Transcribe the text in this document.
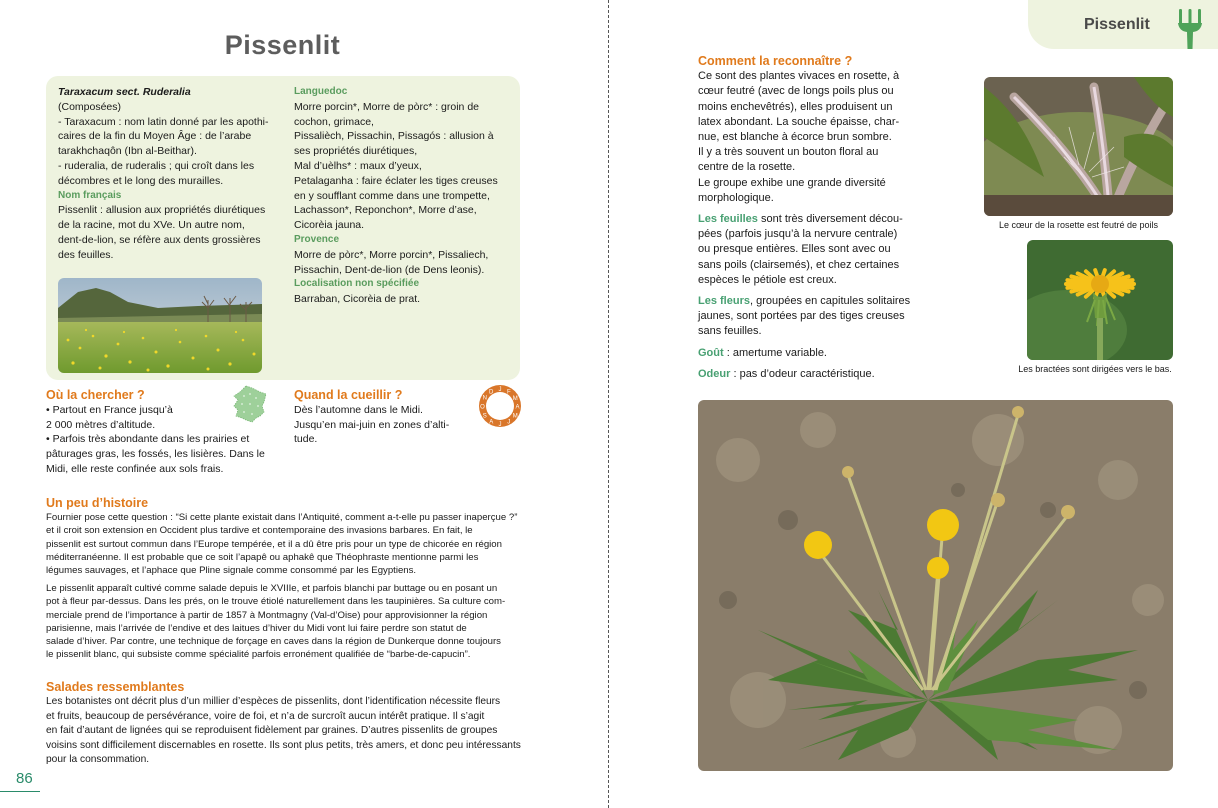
Pissenlit

Taraxacum sect. Ruderalia

(Composées)

- Taraxacum : nom latin donné par les apothi-

caires de la fin du Moyen Âge : de l’arabe

tarakhchaqôn (Ibn al-Beithar).

- ruderalia, de ruderalis ; qui croît dans les

décombres et le long des murailles.

Nom français

Pissenlit : allusion aux propriétés diurétiques

de la racine, mot du XVe. Un autre nom,

dent-de-lion, se réfère aux dents grossières

des feuilles.

Languedoc

Morre porcin*, Morre de pòrc* : groin de

cochon, grimace,

Pissalièch, Pissachin, Pissagós : allusion à

ses propriétés diurétiques,

Mal d’uèlhs* : maux d’yeux,

Petalaganha : faire éclater les tiges creuses

en y soufflant comme dans une trompette,

Lachasson*, Reponchon*, Morre d’ase,

Cicorèia jauna.

Provence

Morre de pòrc*, Morre porcin*, Pissaliech,

Pissachin, Dent-de-lion (de Dens leonis).

Localisation non spécifiée

Barraban, Cicorèia de prat.

Où la chercher ?

• Partout en France jusqu’à

2 000 mètres d’altitude.

• Parfois très abondante dans les prairies et

pâturages gras, les fossés, les lisières. Dans le

Midi, elle reste confinée aux sols frais.

Quand la cueillir ?

Dès l’automne dans le Midi.

Jusqu’en mai-juin en zones d’alti-

tude.

J F
M
A
M
J
J
A
S
O
N
D

Un peu d’histoire

Fournier pose cette question : “Si cette plante existait dans l’Antiquité, comment a-t-elle pu passer inaperçue ?”
et il croit son extension en Occident plus tardive et contemporaine des invasions barbares. En fait, le
pissenlit est surtout commun dans l’Europe tempérée, et il a dû être pris pour un type de chicorée en région
méditerranéenne. Il est probable que ce soit l’apapê ou aphakê que Théophraste mentionne parmi les
légumes sauvages, et l’aphace que Pline signale comme consommé par les Egyptiens.
Le pissenlit apparaît cultivé comme salade depuis le XVIIIe, et parfois blanchi par buttage ou en posant un
pot à fleur par-dessus. Dans les prés, on le trouve étiolé naturellement dans les taupinières. Sa culture com-
merciale prend de l’importance à partir de 1857 à Montmagny (Val-d’Oise) pour approvisionner la région
parisienne, mais l’arrivée de l’endive et des laitues d’hiver du Midi vont lui faire perdre son statut de
salade d’hiver. Par contre, une technique de forçage en caves dans la région de Dunkerque donne toujours
le pissenlit blanc, qui subsiste comme spécialité parfois erronément qualifiée de “barbe-de-capucin”.

Salades ressemblantes

Les botanistes ont décrit plus d’un millier d’espèces de pissenlits, dont l’identification nécessite fleurs
et fruits, beaucoup de persévérance, voire de foi, et n’a de surcroît aucun intérêt pratique. Il s’agit
en fait d’autant de lignées qui se reproduisent fidèlement par graines. D’autres pissenlits de groupes
voisins sont difficilement discernables en rosette. Ils sont plus petits, très amers, et donc peu intéressants
pour la consommation.
86
Pissenlit

Comment la reconnaître ?

Ce sont des plantes vivaces en rosette, à

cœur feutré (avec de longs poils plus ou

moins enchevêtrés), elles produisent un

latex abondant. La souche épaisse, char-

nue, est blanche à écorce brun sombre.

Il y a très souvent un bouton floral au

centre de la rosette.

Le groupe exhibe une grande diversité

morphologique.

Les feuilles sont très diversement décou-

pées (parfois jusqu’à la nervure centrale)

ou presque entières. Elles sont avec ou

sans poils (clairsemés), et chez certaines

espèces le pétiole est creux.

Les fleurs, groupées en capitules solitaires

jaunes, sont portées par des tiges creuses

sans feuilles.

Goût : amertume variable.

Odeur : pas d’odeur caractéristique.

Le cœur de la rosette est feutré de poils
Les bractées sont dirigées vers le bas.
